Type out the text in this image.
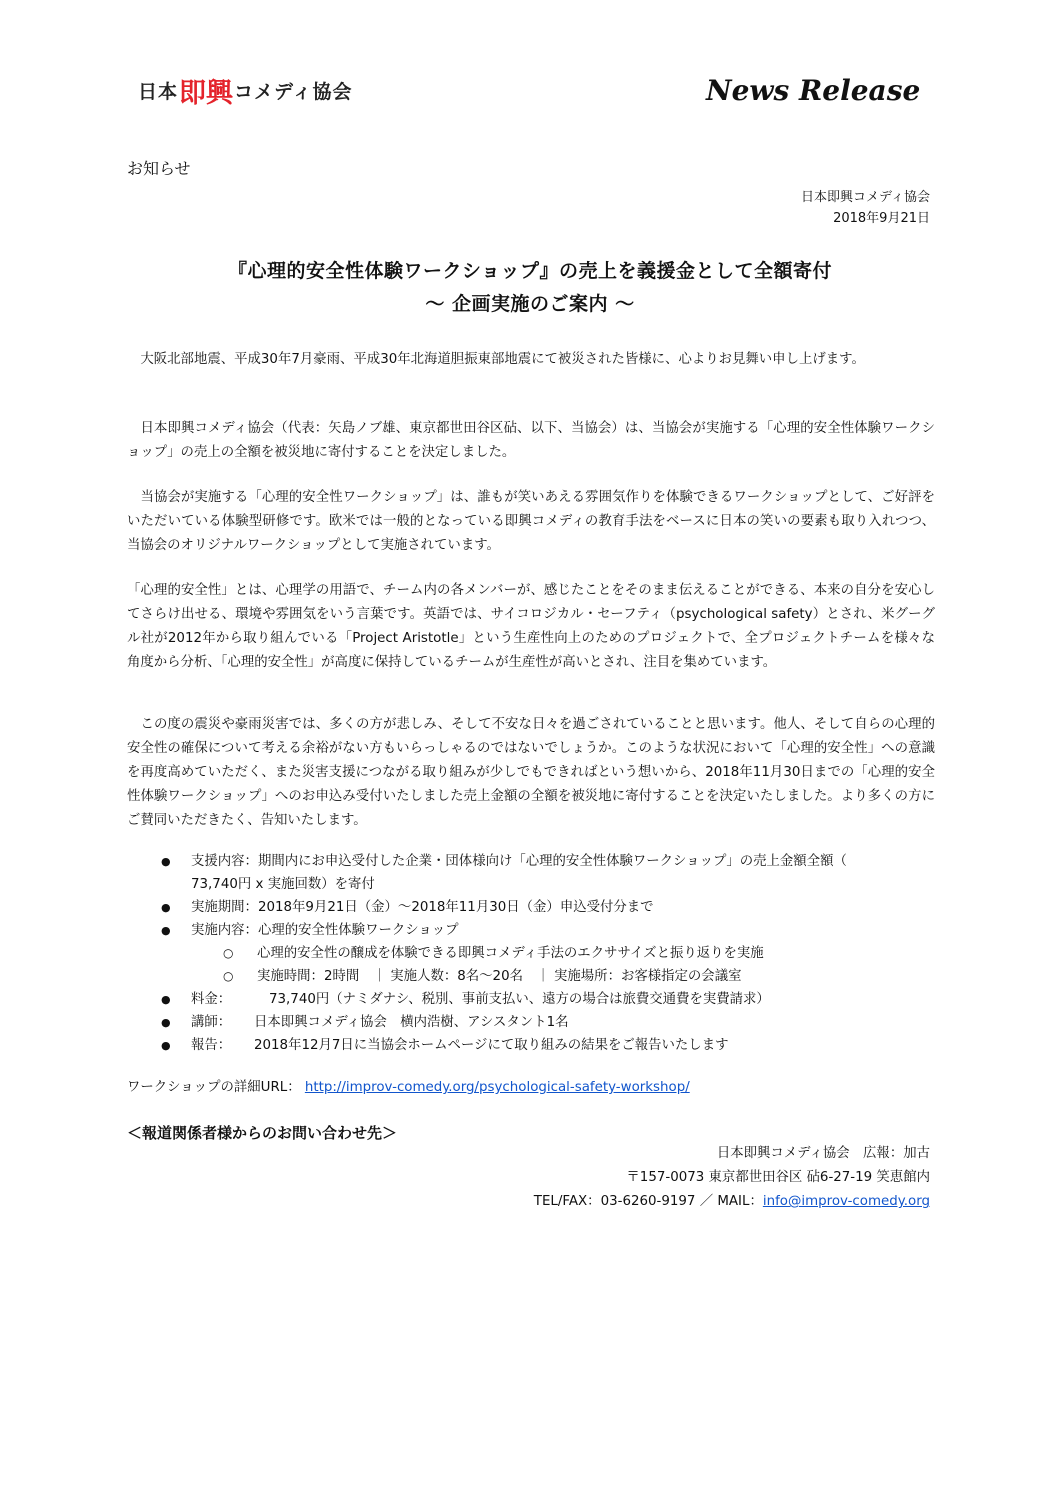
日本 即興 コメディ協会	News Release
お知らせ
日本即興コメディ協会
2018年9月21日
『心理的安全性体験ワークショップ』の売上を義援金として全額寄付
～ 企画実施のご案内 ～

　大阪北部地震、平成30年7月豪雨、平成30年北海道胆振東部地震にて被災された皆様に、心よりお見舞い申し上げます。

　日本即興コメディ協会（代表：矢島ノブ雄、東京都世田谷区砧、以下、当協会）は、当協会が実施する「心理的安全性体験ワークショップ」の売上の全額を被災地に寄付することを決定しました。

　当協会が実施する「心理的安全性ワークショップ」は、誰もが笑いあえる雰囲気作りを体験できるワークショップとして、ご好評をいただいている体験型研修です。欧米では一般的となっている即興コメディの教育手法をベースに日本の笑いの要素も取り入れつつ、当協会のオリジナルワークショップとして実施されています。

「心理的安全性」とは、心理学の用語で、チーム内の各メンバーが、感じたことをそのまま伝えることができる、本来の自分を安心してさらけ出せる、環境や雰囲気をいう言葉です。英語では、サイコロジカル・セーフティ（psychological safety）とされ、米グーグル社が2012年から取り組んでいる「Project Aristotle」という生産性向上のためのプロジェクトで、全プロジェクトチームを様々な角度から分析、「心理的安全性」が高度に保持しているチームが生産性が高いとされ、注目を集めています。

　この度の震災や豪雨災害では、多くの方が悲しみ、そして不安な日々を過ごされていることと思います。他人、そして自らの心理的安全性の確保について考える余裕がない方もいらっしゃるのではないでしょうか。このような状況において「心理的安全性」への意識を再度高めていただく、また災害支援につながる取り組みが少しでもできればという想いから、2018年11月30日までの「心理的安全性体験ワークショップ」へのお申込み受付いたしました売上金額の全額を被災地に寄付することを決定いたしました。より多くの方にご賛同いただきたく、告知いたします。

● 支援内容：期間内にお申込受付した企業・団体様向け「心理的安全性体験ワークショップ」の売上金額全額（
73,740円 x 実施回数）を寄付
● 実施期間：2018年9月21日（金）～2018年11月30日（金）申込受付分まで
● 実施内容：心理的安全性体験ワークショップ
○ 心理的安全性の醸成を体験できる即興コメディ手法のエクササイズと振り返りを実施
○ 実施時間：2時間　｜ 実施人数：8名～20名　｜ 実施場所：お客様指定の会議室
● 料金：	73,740円（ナミダナシ、税別、事前支払い、遠方の場合は旅費交通費を実費請求）
● 講師： 日本即興コメディ協会　横内浩樹、アシスタント1名
● 報告： 2018年12月7日に当協会ホームページにて取り組みの結果をご報告いたします
ワークショップの詳細URL： http://improv-comedy.org/psychological-safety-workshop/
＜報道関係者様からのお問い合わせ先＞
日本即興コメディ協会　広報：加古
〒157-0073 東京都世田谷区 砧6-27-19 笑恵館内
TEL/FAX：03-6260-9197 ／ MAIL：info@improv-comedy.org
